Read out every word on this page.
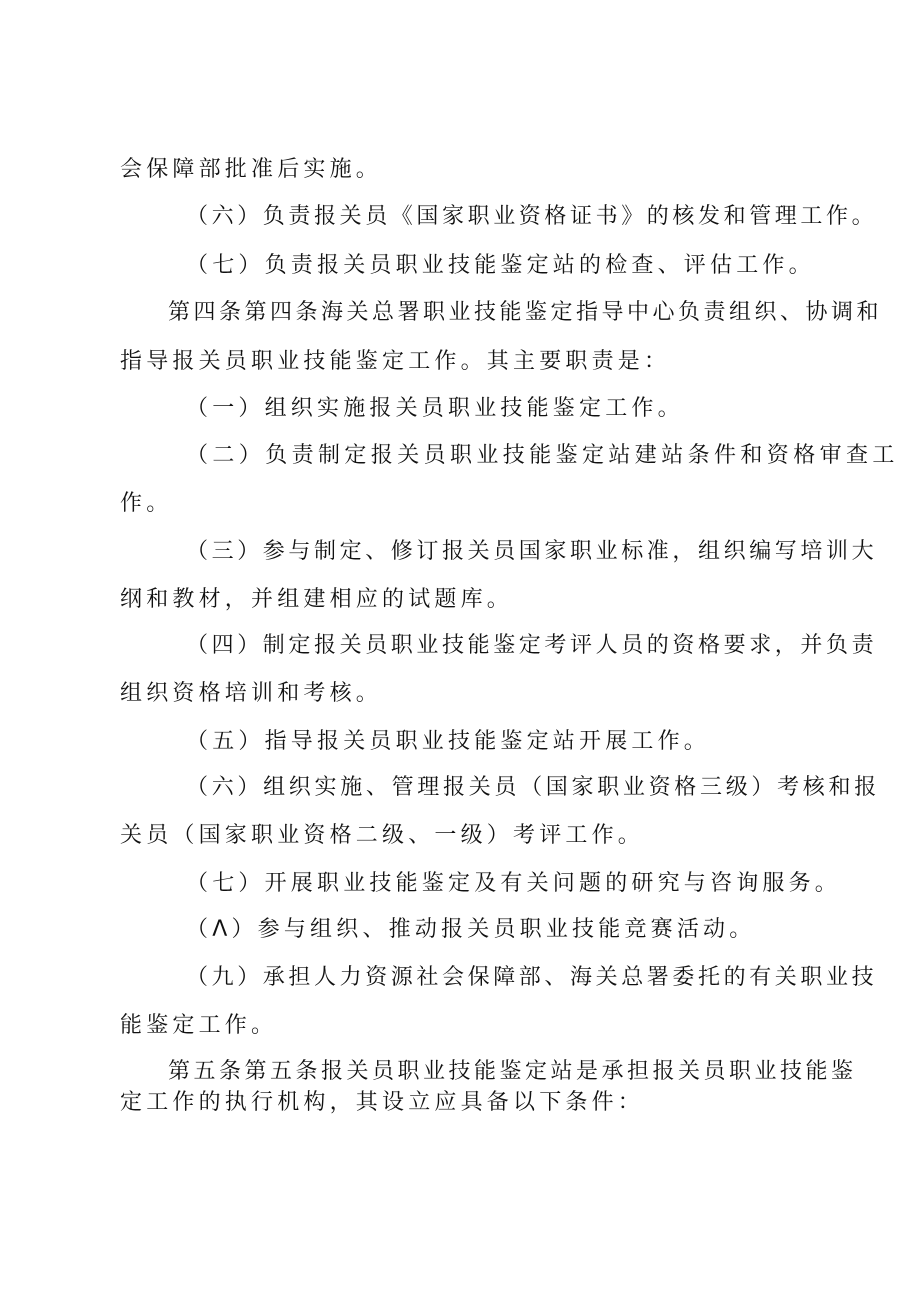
会保障部批准后实施。
（六）负责报关员《国家职业资格证书》的核发和管理工作。
（七）负责报关员职业技能鉴定站的检查、评估工作。
第四条第四条海关总署职业技能鉴定指导中心负责组织、协调和
指导报关员职业技能鉴定工作。其主要职责是：
（一）组织实施报关员职业技能鉴定工作。
（二）负责制定报关员职业技能鉴定站建站条件和资格审查工
作。
（三）参与制定、修订报关员国家职业标准，组织编写培训大
纲和教材，并组建相应的试题库。
（四）制定报关员职业技能鉴定考评人员的资格要求，并负责
组织资格培训和考核。
（五）指导报关员职业技能鉴定站开展工作。
（六）组织实施、管理报关员（国家职业资格三级）考核和报
关员（国家职业资格二级、一级）考评工作。
（七）开展职业技能鉴定及有关问题的研究与咨询服务。
（Λ）参与组织、推动报关员职业技能竞赛活动。
（九）承担人力资源社会保障部、海关总署委托的有关职业技
能鉴定工作。
第五条第五条报关员职业技能鉴定站是承担报关员职业技能鉴
定工作的执行机构，其设立应具备以下条件：
